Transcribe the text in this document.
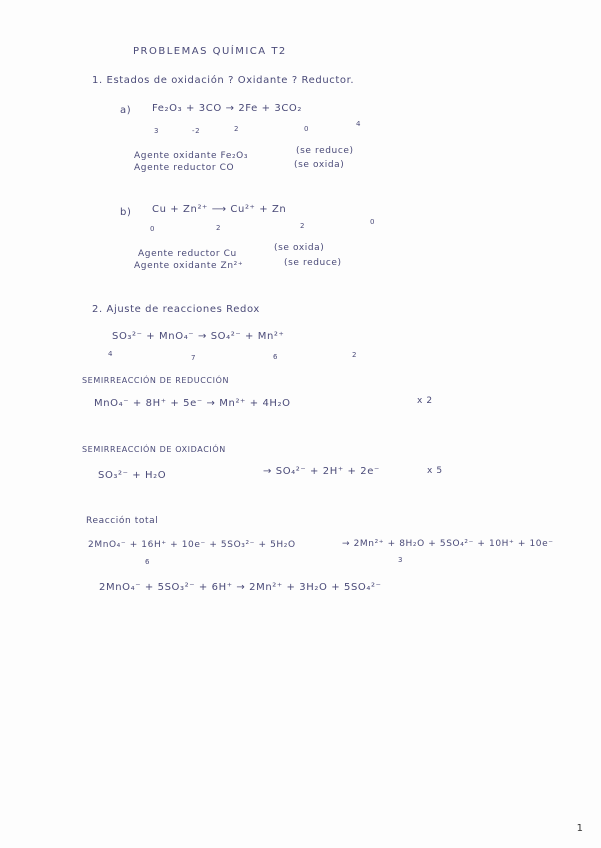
PROBLEMAS QUÍMICA T2
1. Estados de oxidación ? Oxidante ? Reductor.
a) Fe₂O₃ + 3CO → 2Fe + 3CO₂
3	-2	2	0
4
Agente oxidante Fe₂O₃	(se reduce)
Agente reductor CO	(se oxida)
b) Cu + Zn²⁺ ⟶ Cu²⁺ + Zn
0	2	2	0
Agente reductor Cu
(se oxida)
Agente oxidante Zn²⁺	(se reduce)
2. Ajuste de reacciones Redox
SO₃²⁻ + MnO₄⁻ → SO₄²⁻ + Mn²⁺
4	7	6	2
SEMIRREACCIÓN DE REDUCCIÓN
MnO₄⁻ + 8H⁺ + 5e⁻ → Mn²⁺ + 4H₂O	x 2
SEMIRREACCIÓN DE OXIDACIÓN
SO₃²⁻ + H₂O	→ SO₄²⁻ + 2H⁺ + 2e⁻	x 5
Reacción total
2MnO₄⁻ + 16H⁺ + 10e⁻ + 5SO₃²⁻ + 5H₂O	→ 2Mn²⁺ + 8H₂O + 5SO₄²⁻ + 10H⁺ + 10e⁻
6	3
2MnO₄⁻ + 5SO₃²⁻ + 6H⁺ → 2Mn²⁺ + 3H₂O + 5SO₄²⁻
1
